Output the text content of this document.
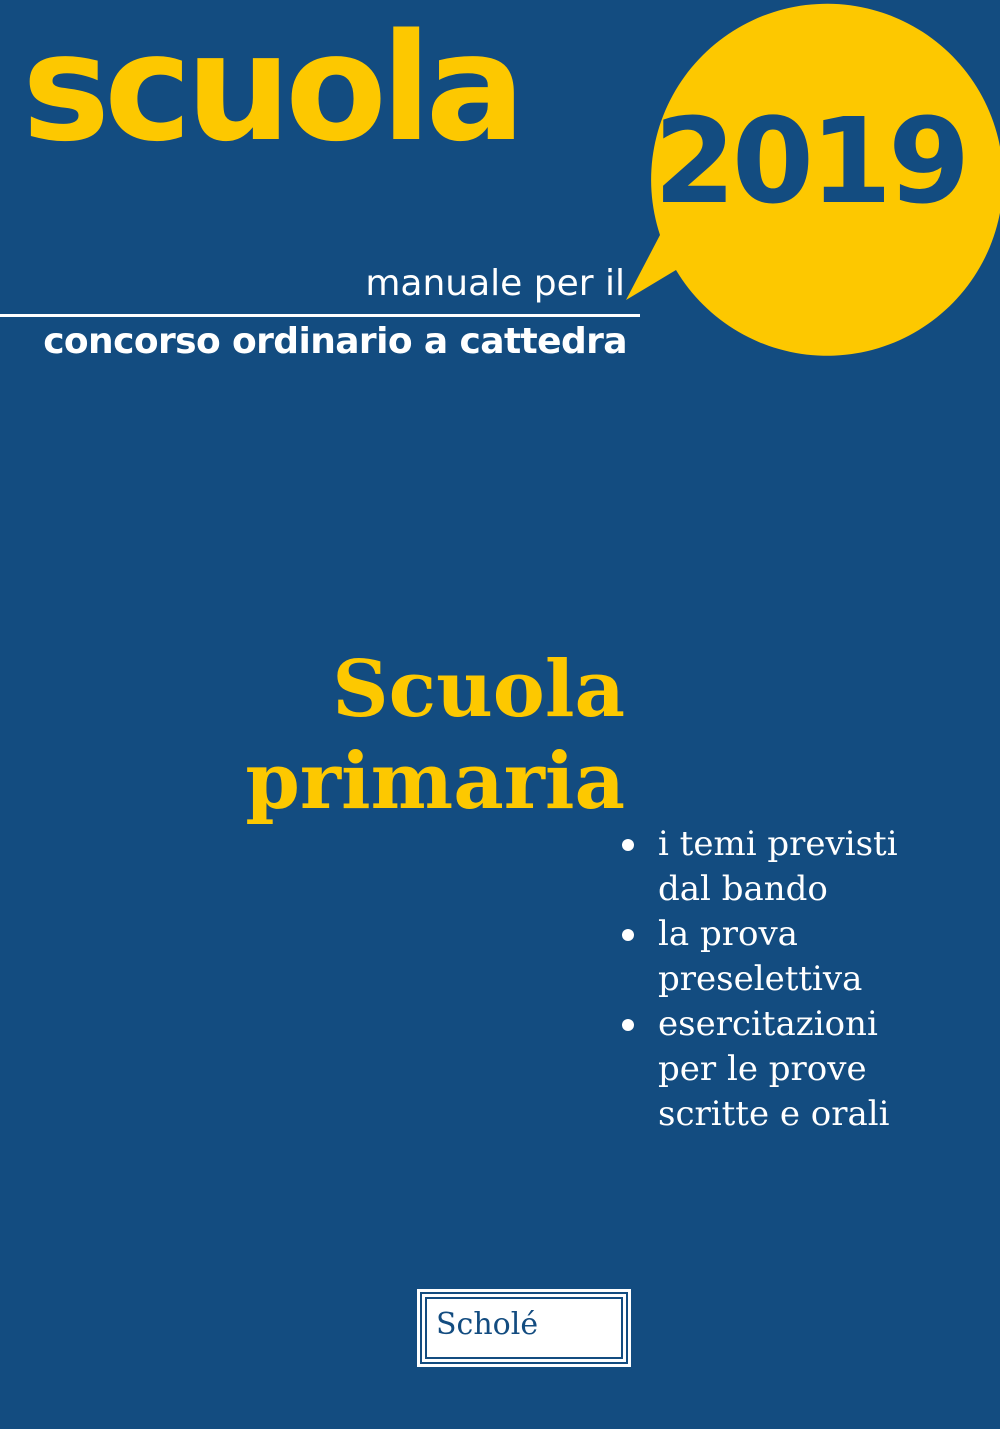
scuola 2019
manuale per il
concorso ordinario a cattedra
Scuola
primaria
i temi previsti
dal bando
la prova
preselettiva
esercitazioni
per le prove
scritte e orali
Scholé
